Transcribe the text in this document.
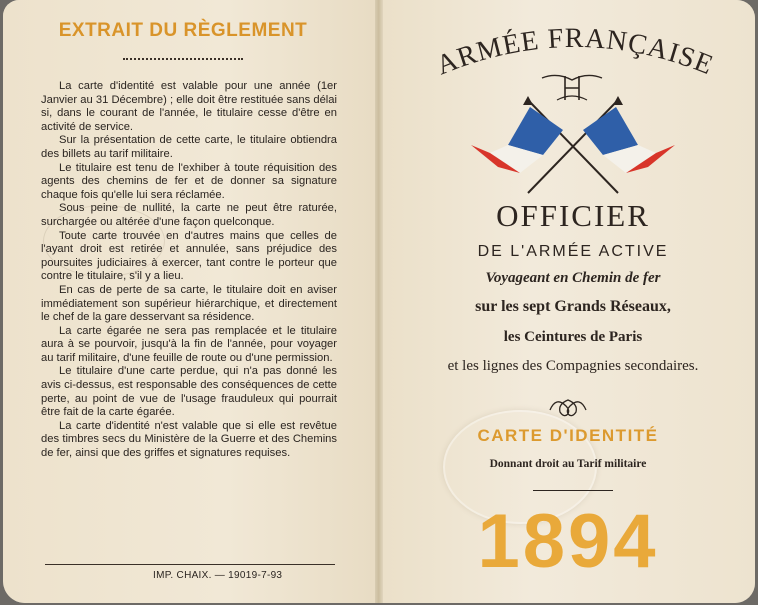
EXTRAIT DU RÈGLEMENT

La carte d'identité est valable pour une année (1er Janvier au 31 Décembre) ; elle doit être restituée sans délai si, dans le courant de l'année, le titulaire cesse d'être en activité de service.

Sur la présentation de cette carte, le titulaire obtiendra des billets au tarif militaire.

Le titulaire est tenu de l'exhiber à toute réquisition des agents des chemins de fer et de donner sa signature chaque fois qu'elle lui sera réclamée.

Sous peine de nullité, la carte ne peut être raturée, surchargée ou altérée d'une façon quelconque.

Toute carte trouvée en d'autres mains que celles de l'ayant droit est retirée et annulée, sans préjudice des poursuites judiciaires à exercer, tant contre le porteur que contre le titulaire, s'il y a lieu.

En cas de perte de sa carte, le titulaire doit en aviser immédiatement son supérieur hiérarchique, et directement le chef de la gare desservant sa résidence.

La carte égarée ne sera pas remplacée et le titulaire aura à se pourvoir, jusqu'à la fin de l'année, pour voyager au tarif militaire, d'une feuille de route ou d'une permission.

Le titulaire d'une carte perdue, qui n'a pas donné les avis ci-dessus, est responsable des conséquences de cette perte, au point de vue de l'usage frauduleux qui pourrait être fait de la carte égarée.

La carte d'identité n'est valable que si elle est revêtue des timbres secs du Ministère de la Guerre et des Chemins de fer, ainsi que des griffes et signatures requises.

IMP. CHAIX. — 19019-7-93
ARMÉE FRANÇAISE
OFFICIER
DE L'ARMÉE ACTIVE
Voyageant en Chemin de fer
sur les sept Grands Réseaux,
les Ceintures de Paris
et les lignes des Compagnies secondaires.
CARTE D'IDENTITÉ
Donnant droit au Tarif militaire
1894
